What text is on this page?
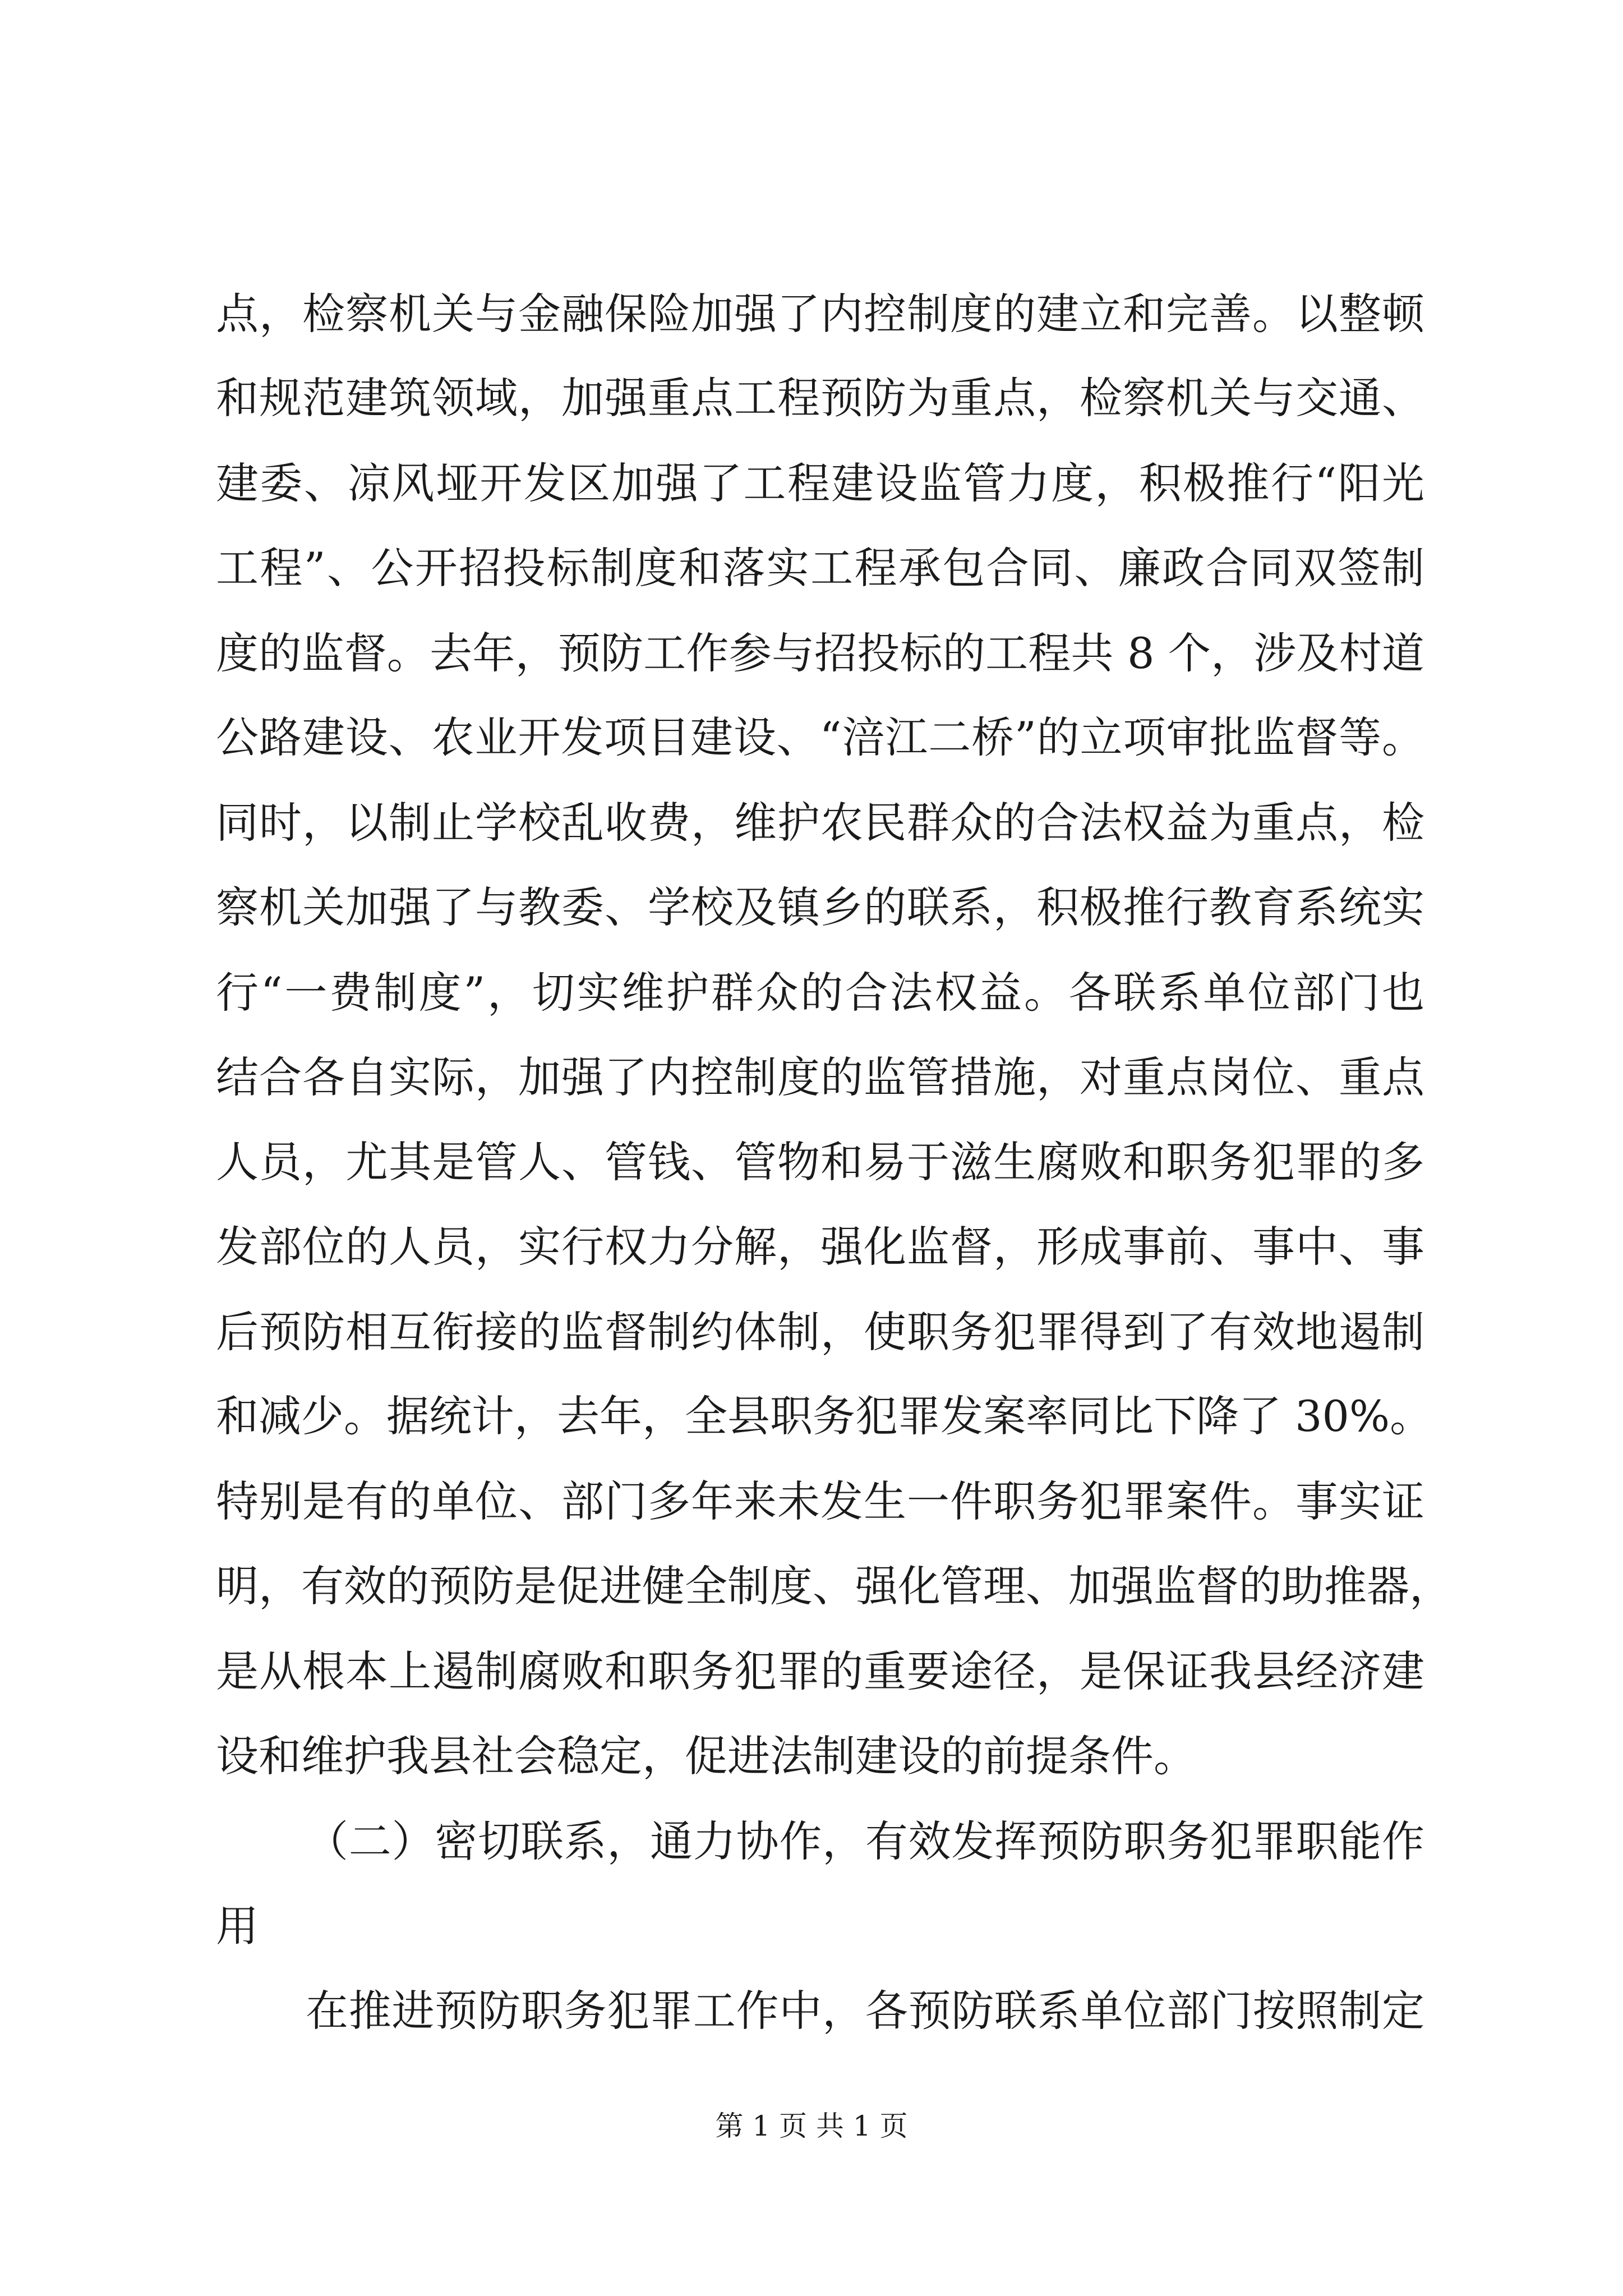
点，检察机关与金融保险加强了内控制度的建立和完善。以整顿
和规范建筑领域，加强重点工程预防为重点，检察机关与交通、
建委、凉风垭开发区加强了工程建设监管力度，积极推行“阳光
工程”、公开招投标制度和落实工程承包合同、廉政合同双签制
度的监督。去年，预防工作参与招投标的工程共 8 个，涉及村道
公路建设、农业开发项目建设、“涪江二桥”的立项审批监督等。
同时，以制止学校乱收费，维护农民群众的合法权益为重点，检
察机关加强了与教委、学校及镇乡的联系，积极推行教育系统实
行“一费制度”，切实维护群众的合法权益。各联系单位部门也
结合各自实际，加强了内控制度的监管措施，对重点岗位、重点
人员，尤其是管人、管钱、管物和易于滋生腐败和职务犯罪的多
发部位的人员，实行权力分解，强化监督，形成事前、事中、事
后预防相互衔接的监督制约体制，使职务犯罪得到了有效地遏制
和减少。据统计，去年，全县职务犯罪发案率同比下降了 30%。
特别是有的单位、部门多年来未发生一件职务犯罪案件。事实证
明，有效的预防是促进健全制度、强化管理、加强监督的助推器，
是从根本上遏制腐败和职务犯罪的重要途径，是保证我县经济建
设和维护我县社会稳定，促进法制建设的前提条件。
（二）密切联系，通力协作，有效发挥预防职务犯罪职能作
用
在推进预防职务犯罪工作中，各预防联系单位部门按照制定
第 1 页 共 1 页
